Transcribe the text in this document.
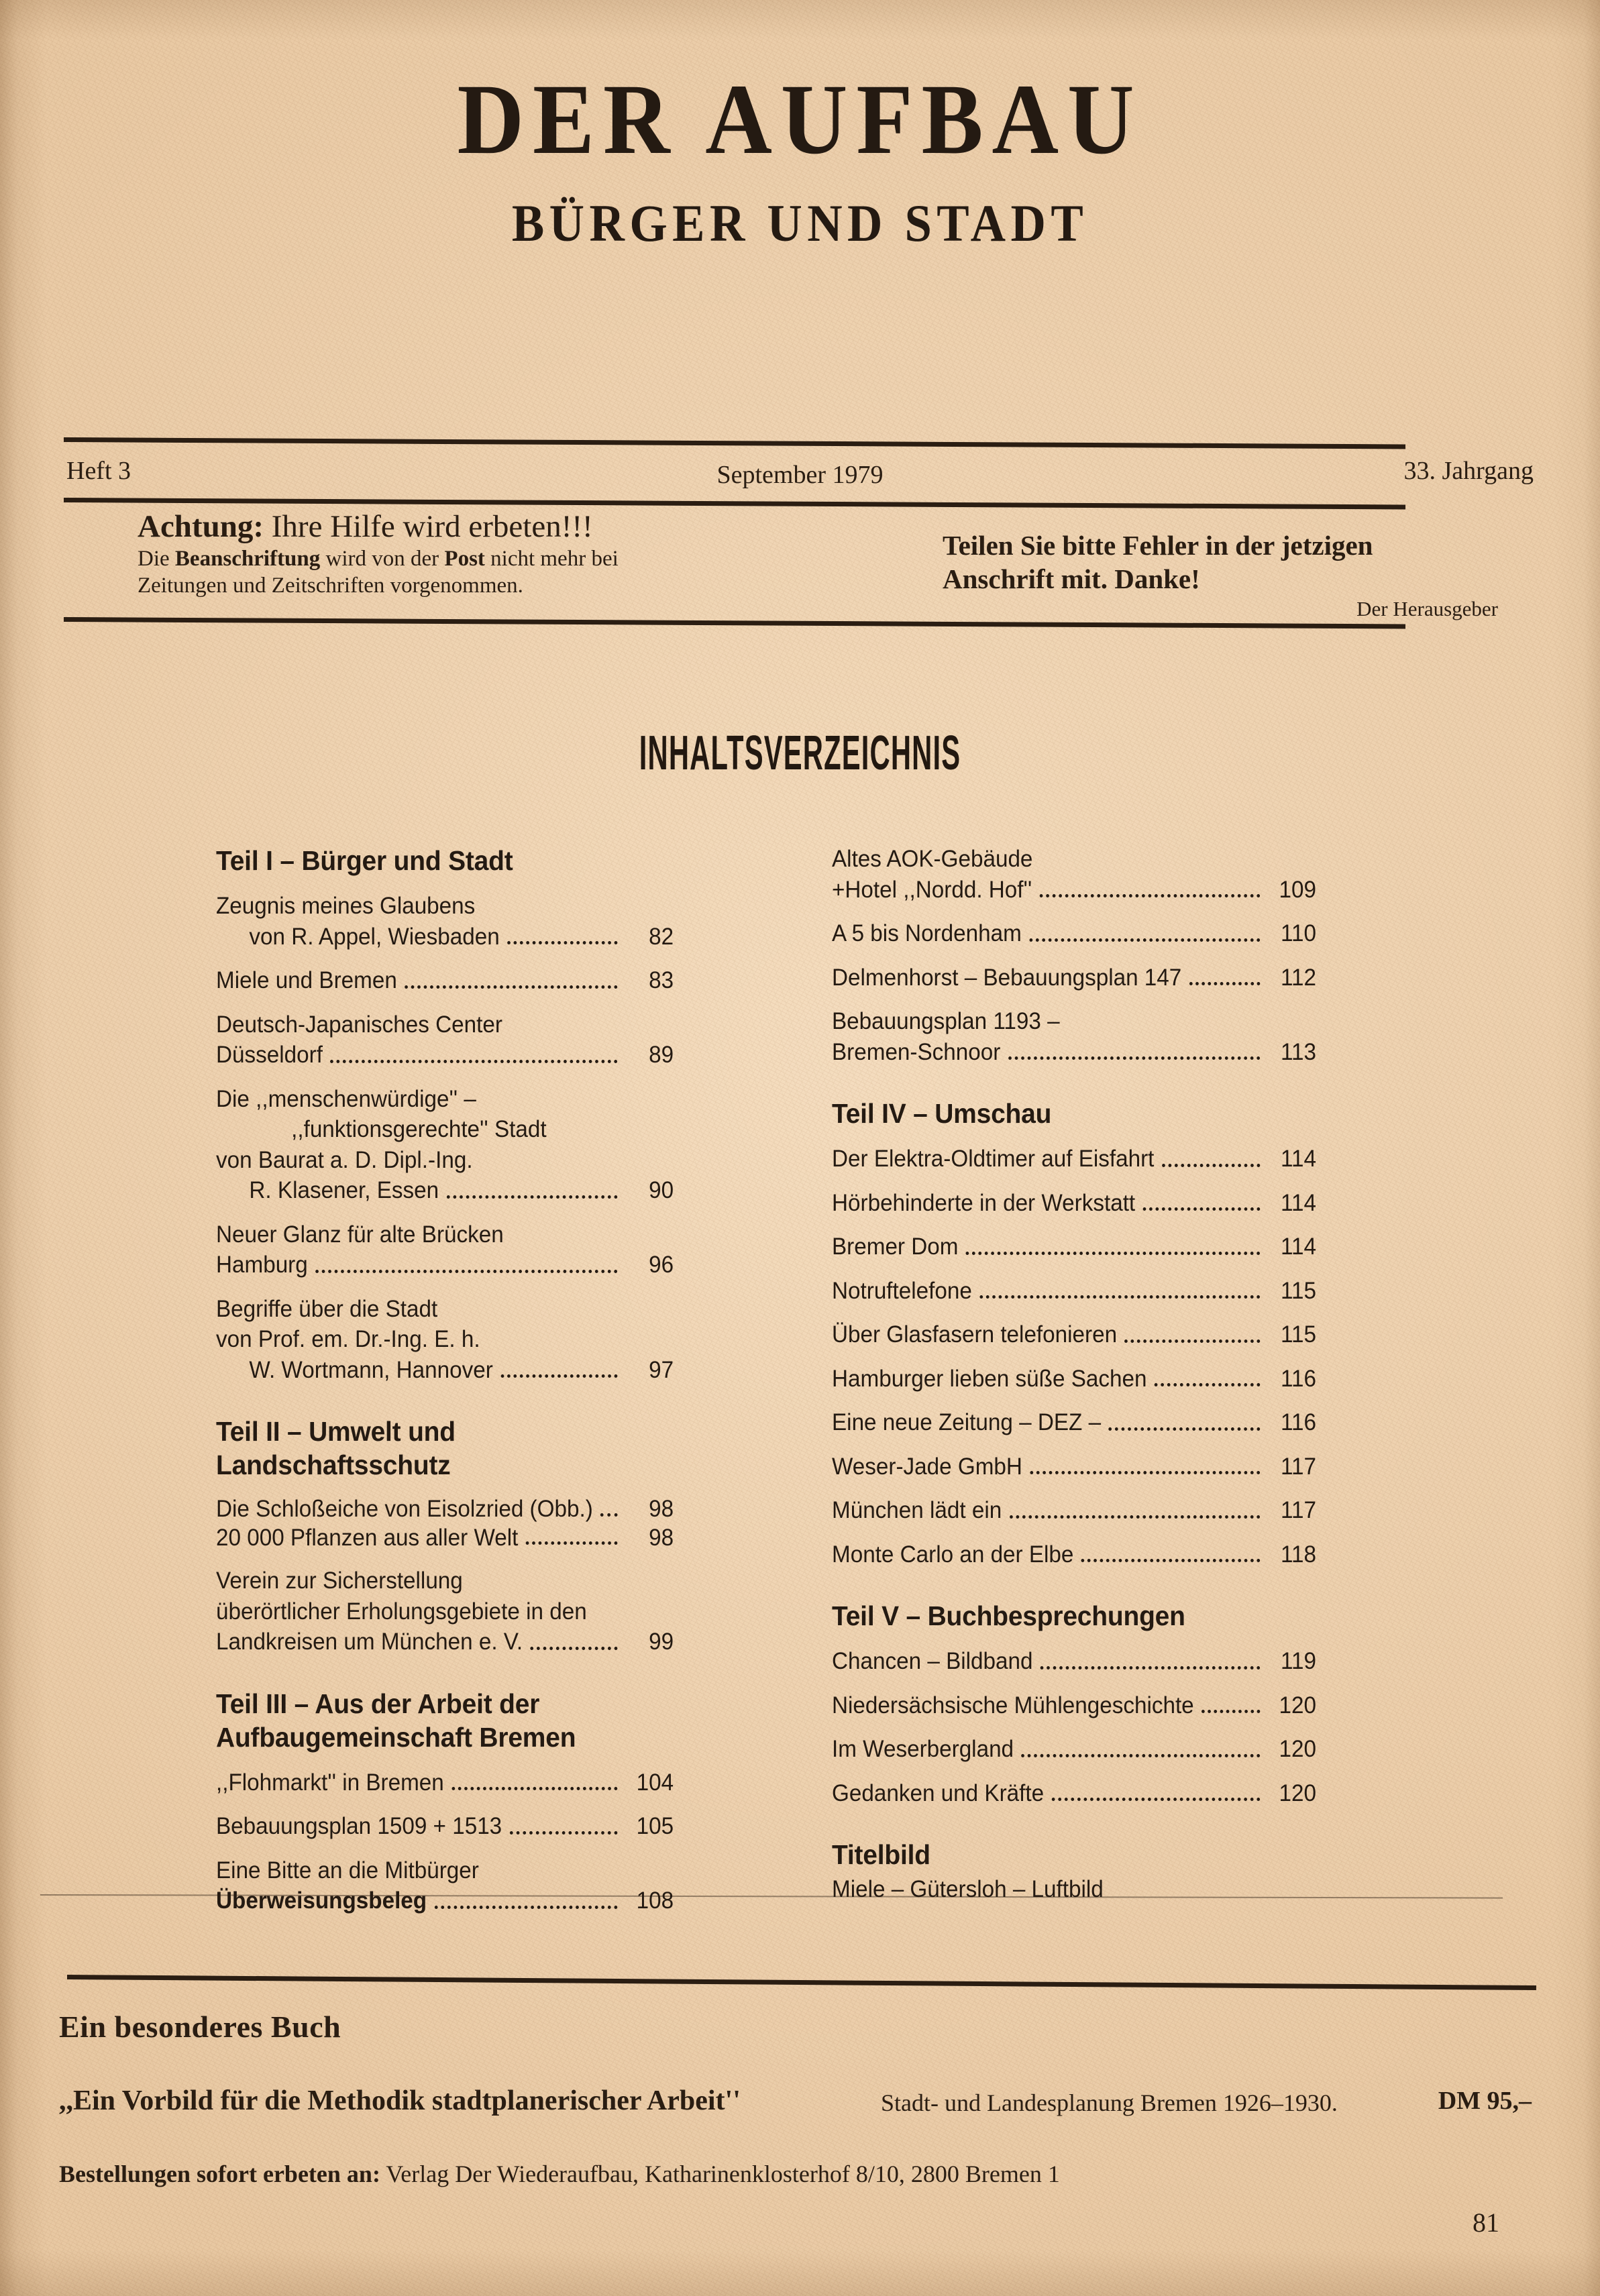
DER AUFBAU
BÜRGER UND STADT
Heft 3	September 1979	33. Jahrgang
Achtung: Ihre Hilfe wird erbeten!!!
Die Beanschriftung wird von der Post nicht mehr bei
Zeitungen und Zeitschriften vorgenommen.
Teilen Sie bitte Fehler in der jetzigen
Anschrift mit. Danke!
Der Herausgeber
INHALTSVERZEICHNIS
Teil I – Bürger und Stadt
Zeugnis meines Glaubens
von R. Appel, Wiesbaden	82
Miele und Bremen	83
Deutsch-Japanisches Center
Düsseldorf	89
Die ,,menschenwürdige'' –
,,funktionsgerechte'' Stadt
von Baurat a. D. Dipl.-Ing.
R. Klasener, Essen	90
Neuer Glanz für alte Brücken
Hamburg	96
Begriffe über die Stadt
von Prof. em. Dr.-Ing. E. h.
W. Wortmann, Hannover	97
Teil II – Umwelt und
Landschaftsschutz
Die Schloßeiche von Eisolzried (Obb.)	98
20 000 Pflanzen aus aller Welt	98
Verein zur Sicherstellung
überörtlicher Erholungsgebiete in den
Landkreisen um München e. V.	99
Teil III – Aus der Arbeit der
Aufbaugemeinschaft Bremen
,,Flohmarkt'' in Bremen	104
Bebauungsplan 1509 + 1513	105
Eine Bitte an die Mitbürger
Überweisungsbeleg	108
Altes AOK-Gebäude
+Hotel ,,Nordd. Hof''	109
A 5 bis Nordenham	110
Delmenhorst – Bebauungsplan 147	112
Bebauungsplan 1193 –
Bremen-Schnoor	113
Teil IV – Umschau
Der Elektra-Oldtimer auf Eisfahrt	114
Hörbehinderte in der Werkstatt	114
Bremer Dom	114
Notruftelefone	115
Über Glasfasern telefonieren	115
Hamburger lieben süße Sachen	116
Eine neue Zeitung – DEZ –	116
Weser-Jade GmbH	117
München lädt ein	117
Monte Carlo an der Elbe	118
Teil V – Buchbesprechungen
Chancen – Bildband	119
Niedersächsische Mühlengeschichte	120
Im Weserbergland	120
Gedanken und Kräfte	120
Titelbild
Miele – Gütersloh – Luftbild
Ein besonderes Buch
,,Ein Vorbild für die Methodik stadtplanerischer Arbeit''	Stadt- und Landesplanung Bremen 1926–1930.	DM 95,–
Bestellungen sofort erbeten an: Verlag Der Wiederaufbau, Katharinenklosterhof 8/10, 2800 Bremen 1
81
